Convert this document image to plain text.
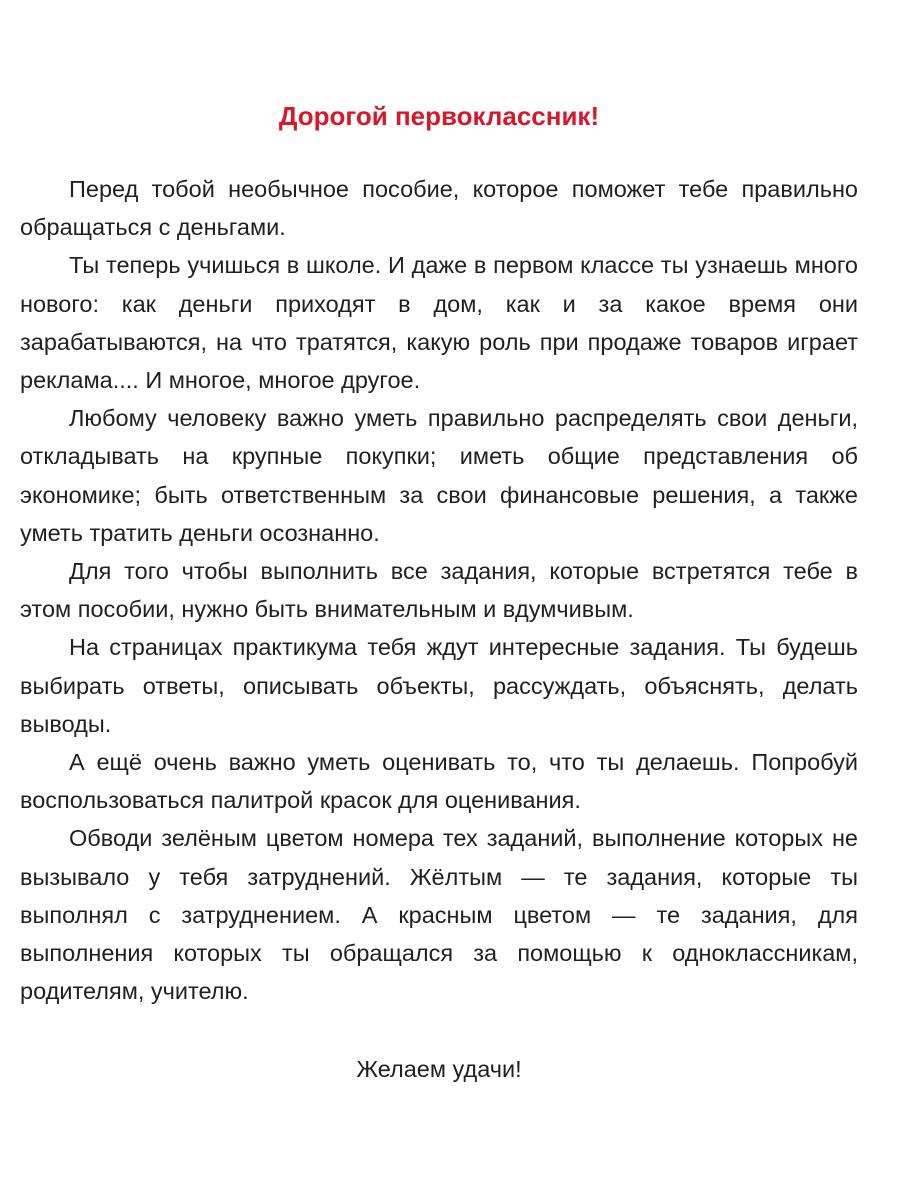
Дорогой первоклассник!

Перед тобой необычное пособие, которое поможет тебе правильно обращаться с деньгами.

Ты теперь учишься в школе. И даже в первом классе ты узнаешь много нового: как деньги приходят в дом, как и за какое время они зарабатываются, на что тратятся, какую роль при продаже товаров играет реклама.... И многое, многое другое.

Любому человеку важно уметь правильно распределять свои деньги, откладывать на крупные покупки; иметь общие представления об экономике; быть ответственным за свои финансовые решения, а также уметь тратить деньги осознанно.

Для того чтобы выполнить все задания, которые встретятся тебе в этом пособии, нужно быть внимательным и вдумчивым.

На страницах практикума тебя ждут интересные задания. Ты будешь выбирать ответы, описывать объекты, рассуждать, объяснять, делать выводы.

А ещё очень важно уметь оценивать то, что ты делаешь. Попробуй воспользоваться палитрой красок для оценивания.

Обводи зелёным цветом номера тех заданий, выполнение которых не вызывало у тебя затруднений. Жёлтым — те задания, которые ты выполнял с затруднением. А красным цветом — те задания, для выполнения которых ты обращался за помощью к одноклассникам, родителям, учителю.

Желаем удачи!
